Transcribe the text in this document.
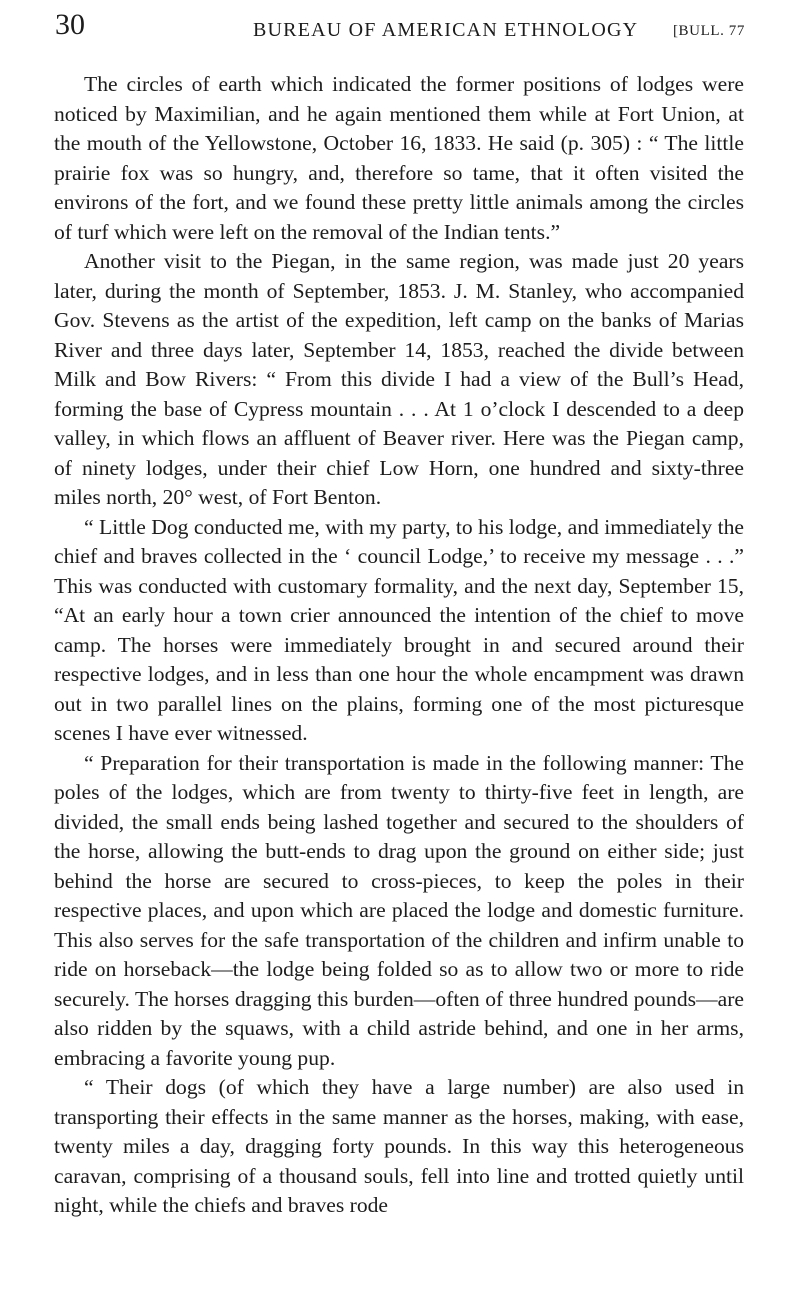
30	BUREAU OF AMERICAN ETHNOLOGY [BULL. 77

The circles of earth which indicated the former positions of lodges were noticed by Maximilian, and he again mentioned them while at Fort Union, at the mouth of the Yellowstone, October 16, 1833. He said (p. 305) : “ The little prairie fox was so hungry, and, therefore so tame, that it often visited the environs of the fort, and we found these pretty little animals among the circles of turf which were left on the removal of the Indian tents.”

Another visit to the Piegan, in the same region, was made just 20 years later, during the month of September, 1853. J. M. Stanley, who accompanied Gov. Stevens as the artist of the expedition, left camp on the banks of Marias River and three days later, September 14, 1853, reached the divide between Milk and Bow Rivers: “ From this divide I had a view of the Bull’s Head, forming the base of Cypress mountain . . . At 1 o’clock I descended to a deep valley, in which flows an affluent of Beaver river. Here was the Piegan camp, of ninety lodges, under their chief Low Horn, one hundred and sixty-three miles north, 20° west, of Fort Benton.

“ Little Dog conducted me, with my party, to his lodge, and immediately the chief and braves collected in the ‘ council Lodge,’ to receive my message . . .” This was conducted with customary formality, and the next day, September 15, “At an early hour a town crier announced the intention of the chief to move camp. The horses were immediately brought in and secured around their respective lodges, and in less than one hour the whole encampment was drawn out in two parallel lines on the plains, forming one of the most picturesque scenes I have ever witnessed.

“ Preparation for their transportation is made in the following manner: The poles of the lodges, which are from twenty to thirty-five feet in length, are divided, the small ends being lashed together and secured to the shoulders of the horse, allowing the butt-ends to drag upon the ground on either side; just behind the horse are secured to cross-pieces, to keep the poles in their respective places, and upon which are placed the lodge and domestic furniture. This also serves for the safe transportation of the children and infirm unable to ride on horseback—the lodge being folded so as to allow two or more to ride securely. The horses dragging this burden—often of three hundred pounds—are also ridden by the squaws, with a child astride behind, and one in her arms, embracing a favorite young pup.

“ Their dogs (of which they have a large number) are also used in transporting their effects in the same manner as the horses, making, with ease, twenty miles a day, dragging forty pounds. In this way this heterogeneous caravan, comprising of a thousand souls, fell into line and trotted quietly until night, while the chiefs and braves rode
